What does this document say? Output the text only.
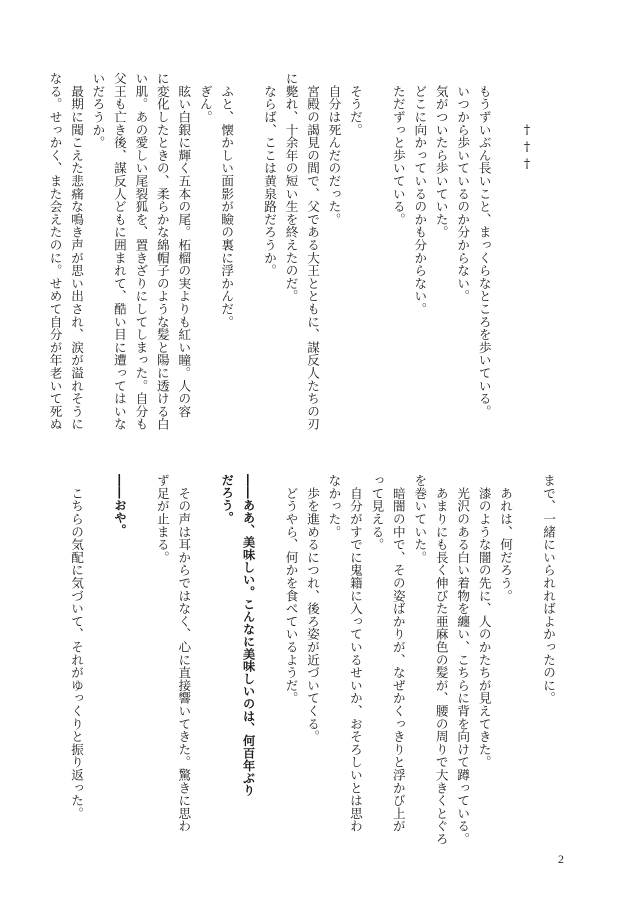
†††

　もうずいぶん長いこと、まっくらなところを歩いている。

　いつから歩いているのか分からない。

　気がついたら歩いていた。

　どこに向かっているのかも分からない。

　ただずっと歩いている。

　そうだ。

　自分は死んだのだった。

　宮殿の謁見の間で、父である大王とともに、謀反人たちの刃

に斃れ、十余年の短い生を終えたのだ。

　ならば、ここは黄泉路だろうか。

　ふと、懐かしい面影が瞼の裏に浮かんだ。

　ぎん。

　眩い白銀に輝く五本の尾。柘榴の実よりも紅い瞳。人の容

に変化したときの、柔らかな綿帽子のような髪と陽に透ける白

い肌。あの愛しい尾裂狐を、置きざりにしてしまった。自分も

父王も亡き後、謀反人どもに囲まれて、酷い目に遭ってはいな

いだろうか。

　最期に聞こえた悲痛な鳴き声が思い出され、涙が溢れそうに

なる。せっかく、また会えたのに。せめて自分が年老いて死ぬ

まで、一緒にいられればよかったのに。

　あれは、何だろう。

　漆のような闇の先に、人のかたちが見えてきた。

　光沢のある白い着物を纏い、こちらに背を向けて蹲っている。

　あまりにも長く伸びた亜麻色の髪が、腰の周りで大きくとぐろ

を巻いていた。

　暗闇の中で、その姿ばかりが、なぜかくっきりと浮かび上が

って見える。

　自分がすでに鬼籍に入っているせいか、おそろしいとは思わ

なかった。

　歩を進めるにつれ、後ろ姿が近づいてくる。

　どうやら、何かを食べているようだ。

――ああ、美味しい。こんなに美味しいのは、何百年ぶり

だろう。

　その声は耳からではなく、心に直接響いてきた。驚きに思わ

ず足が止まる。

――おや。

　こちらの気配に気づいて、それがゆっくりと振り返った。

2
